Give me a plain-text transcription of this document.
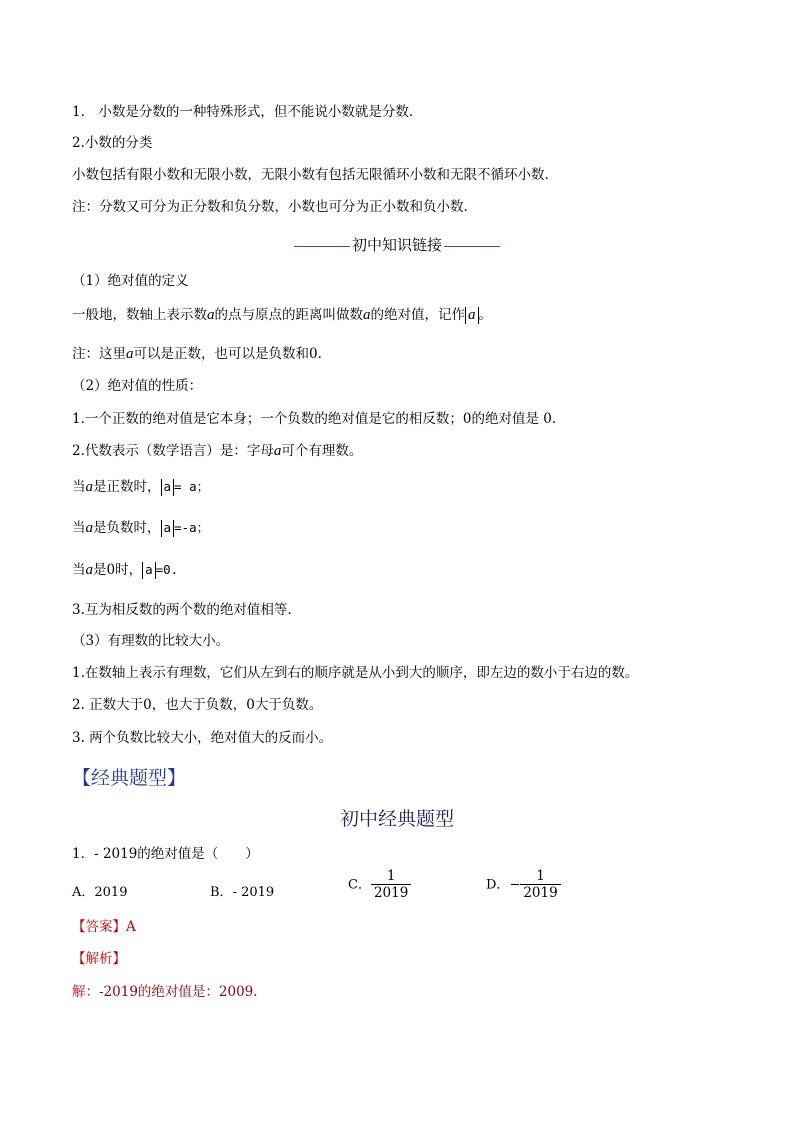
1.　小数是分数的一种特殊形式，但不能说小数就是分数.
2.小数的分类
小数包括有限小数和无限小数，无限小数有包括无限循环小数和无限不循环小数.
注：分数又可分为正分数和负分数，小数也可分为正小数和负小数.
初中知识链接
（1）绝对值的定义
一般地，数轴上表示数a的点与原点的距离叫做数a的绝对值，记作 a 。
注：这里a可以是正数，也可以是负数和0.
（2）绝对值的性质：
1.一个正数的绝对值是它本身；一个负数的绝对值是它的相反数；0的绝对值是 0.
2.代数表示（数学语言）是：字母a可个有理数。
当a是正数时， a = a；
当a是负数时， a =-a；
当a是0时， a =0.
3.互为相反数的两个数的绝对值相等.
（3）有理数的比较大小。
1.在数轴上表示有理数，它们从左到右的顺序就是从小到大的顺序，即左边的数小于右边的数。
2. 正数大于0，也大于负数，0大于负数。
3. 两个负数比较大小，绝对值大的反而小。
【经典题型】
初中经典题型
1．- 2019的绝对值是（　　）
A．2019	B．- 2019	C． $\frac{1}{2019}$	D．− $\frac{1}{2019}$
【答案】A
【解析】
解：-2019的绝对值是：2009.
